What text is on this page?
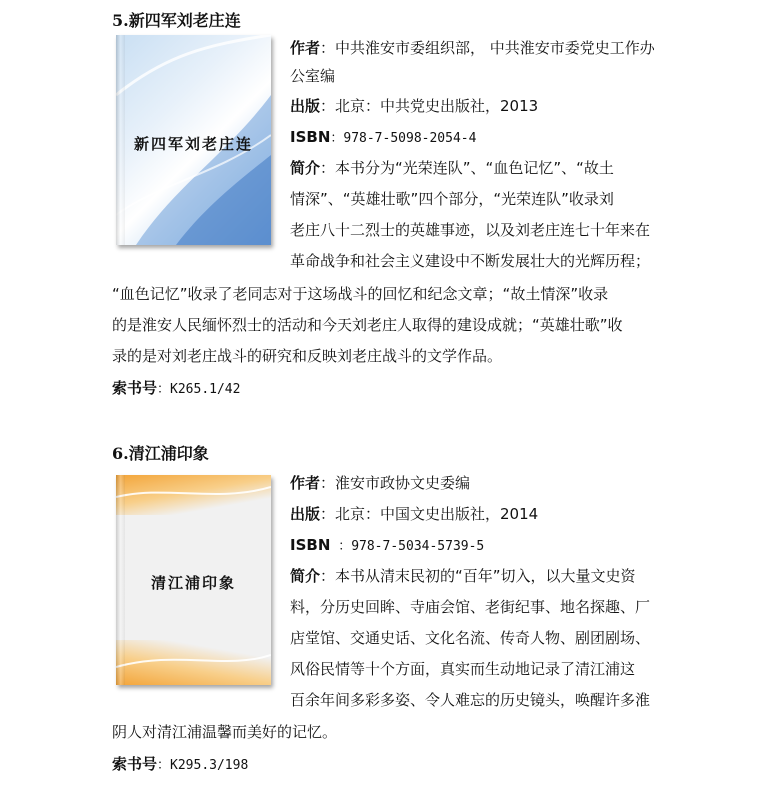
5.新四军刘老庄连
新四军刘老庄连
作者：中共淮安市委组织部， 中共淮安市委党史工作办
公室编
出版：北京：中共党史出版社，2013
ISBN：978-7-5098-2054-4
简介：本书分为“光荣连队”、“血色记忆”、“故土
情深”、“英雄壮歌”四个部分，“光荣连队”收录刘
老庄八十二烈士的英雄事迹，以及刘老庄连七十年来在
革命战争和社会主义建设中不断发展壮大的光辉历程；
“血色记忆”收录了老同志对于这场战斗的回忆和纪念文章；“故土情深”收录
的是淮安人民缅怀烈士的活动和今天刘老庄人取得的建设成就；“英雄壮歌”收
录的是对刘老庄战斗的研究和反映刘老庄战斗的文学作品。
索书号：K265.1/42
6.清江浦印象
清江浦印象
作者：淮安市政协文史委编
出版：北京：中国文史出版社，2014
ISBN ：978-7-5034-5739-5
简介：本书从清末民初的“百年”切入，以大量文史资
料，分历史回眸、寺庙会馆、老街纪事、地名探趣、厂
店堂馆、交通史话、文化名流、传奇人物、剧团剧场、
风俗民情等十个方面，真实而生动地记录了清江浦这
百余年间多彩多姿、令人难忘的历史镜头，唤醒许多淮
阴人对清江浦温馨而美好的记忆。
索书号：K295.3/198
